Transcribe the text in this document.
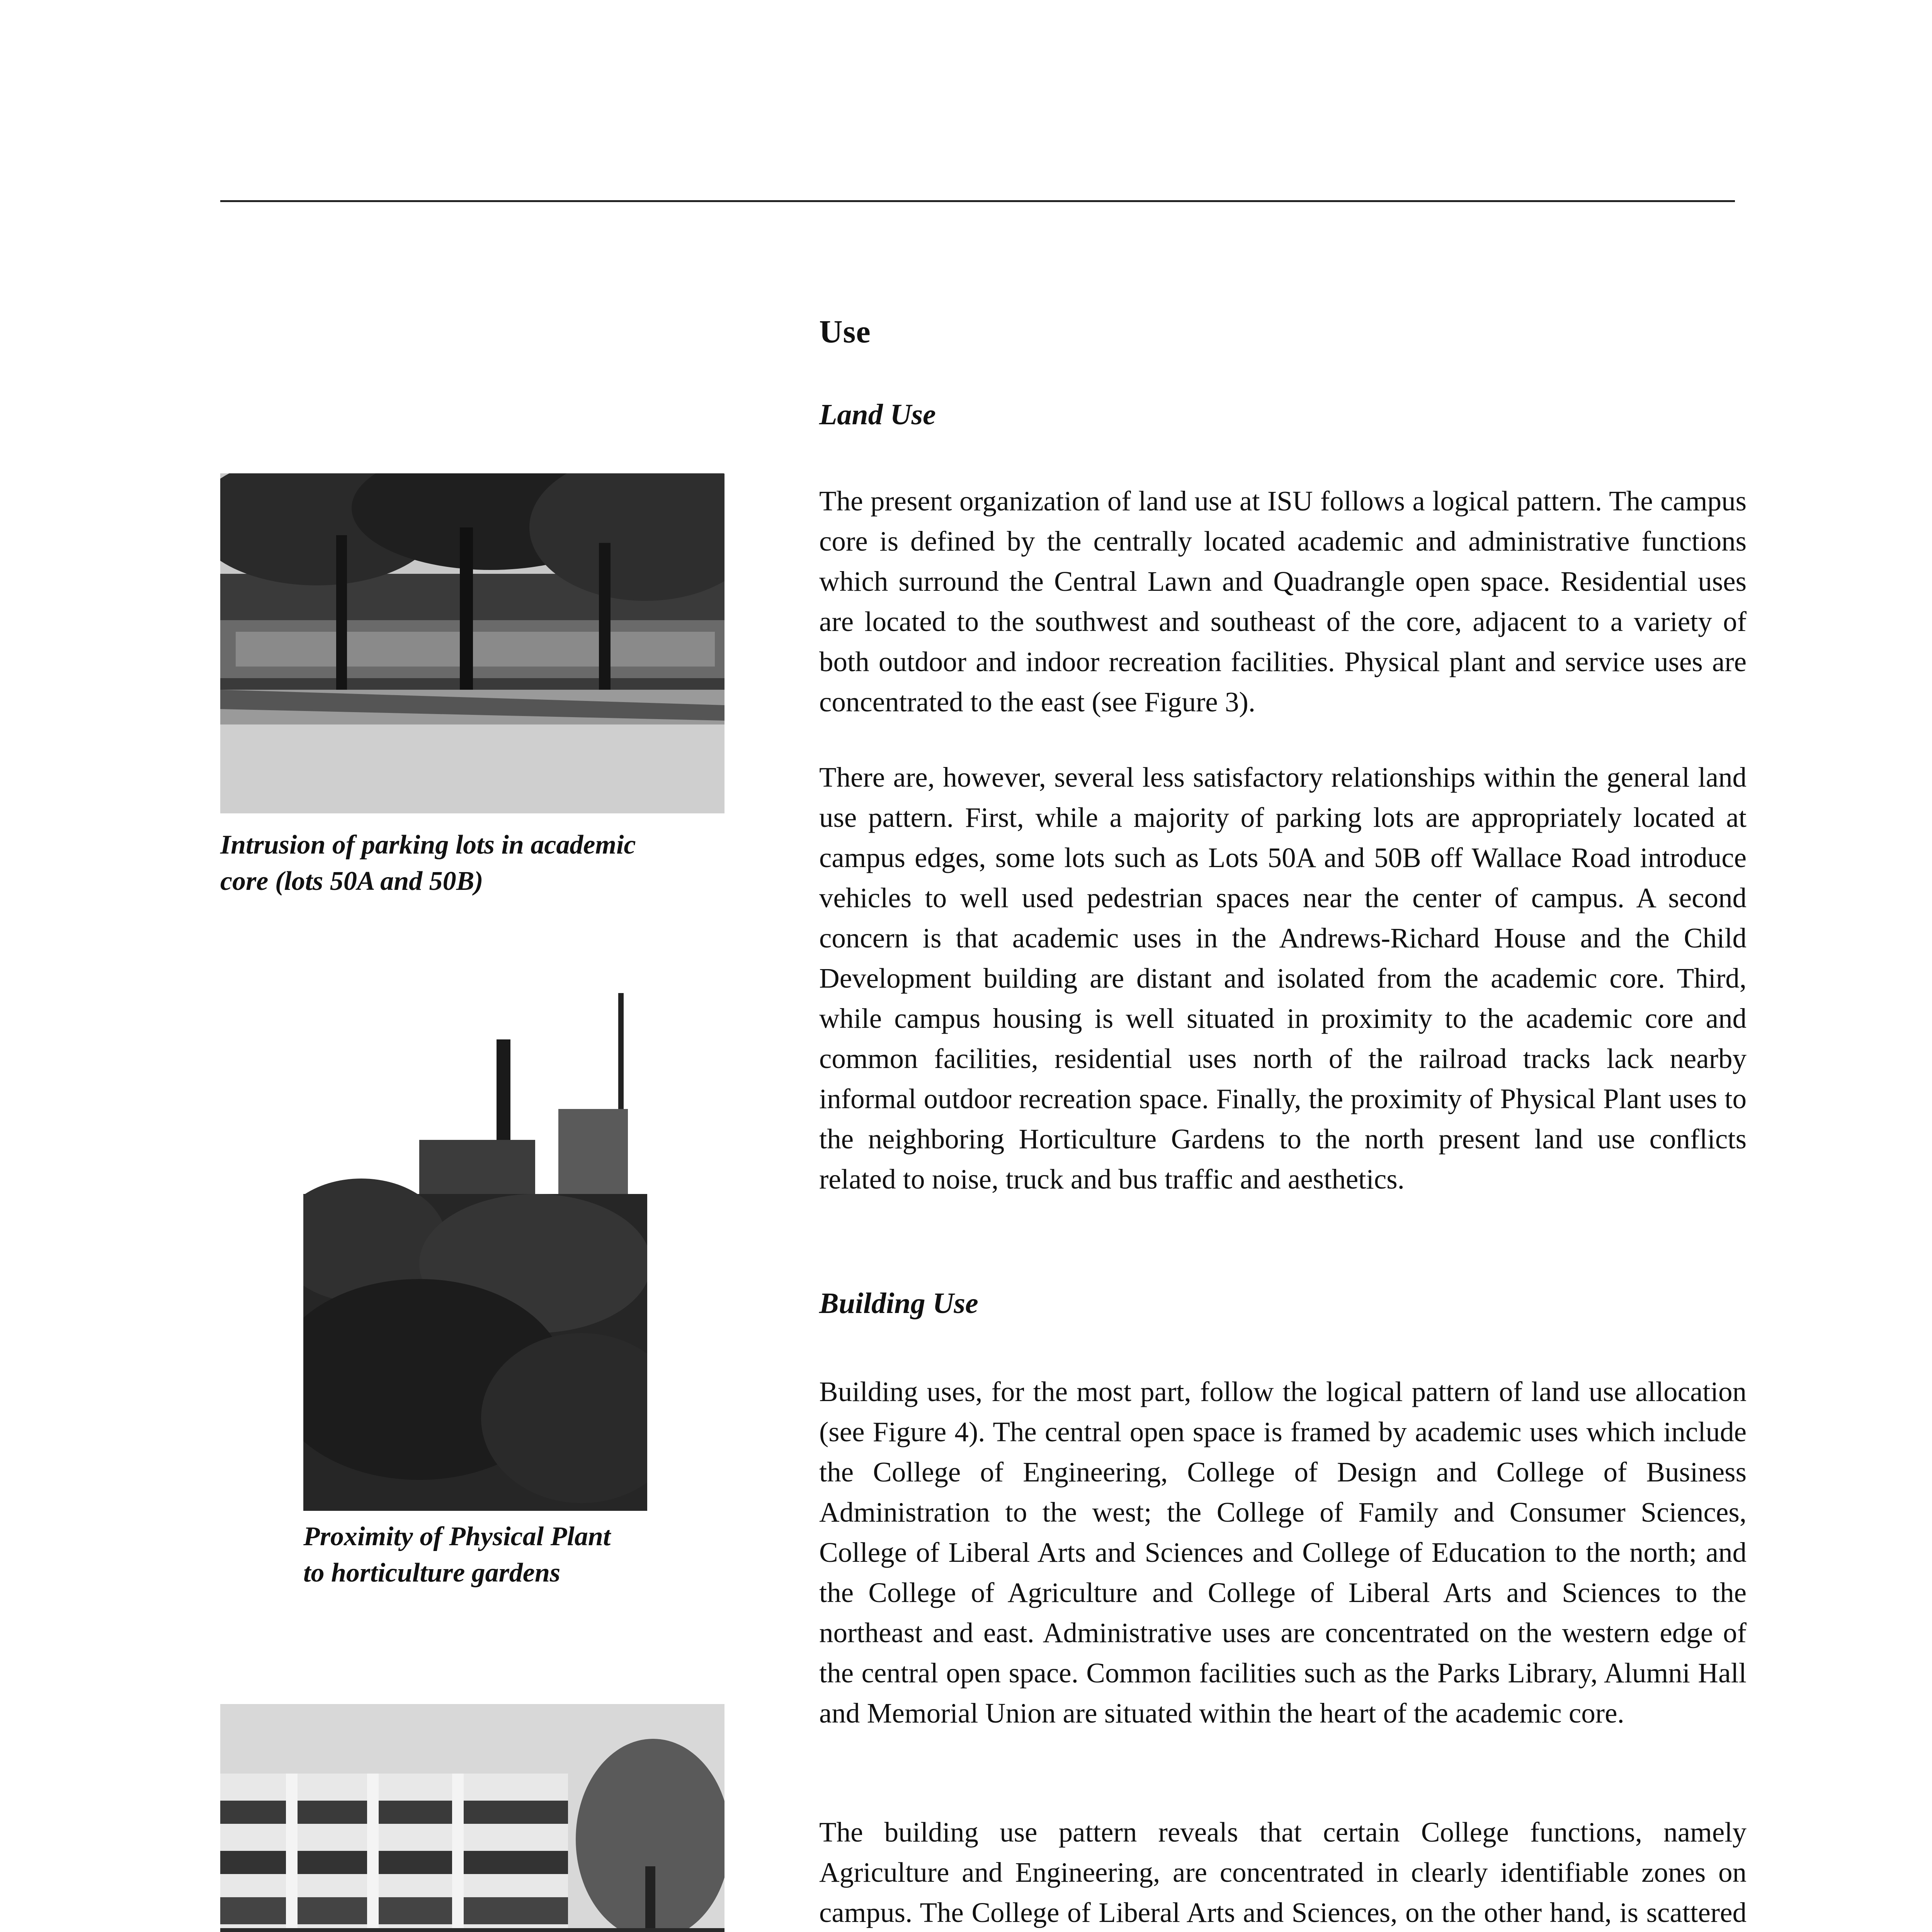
Use
Land Use

The present organization of land use at ISU follows a logical pattern. The campus core is defined by the centrally located academic and administrative functions which surround the Central Lawn and Quadrangle open space. Residential uses are located to the southwest and southeast of the core, adjacent to a variety of both outdoor and indoor recreation facilities. Physical plant and service uses are concentrated to the east (see Figure 3).

There are, however, several less satisfactory relationships within the general land use pattern. First, while a majority of parking lots are appropriately located at campus edges, some lots such as Lots 50A and 50B off Wallace Road introduce vehicles to well used pedestrian spaces near the center of campus. A second concern is that academic uses in the Andrews-Richard House and the Child Development building are distant and isolated from the academic core. Third, while campus housing is well situated in proximity to the academic core and common facilities, residential uses north of the railroad tracks lack nearby informal outdoor recreation space. Finally, the proximity of Physical Plant uses to the neighboring Horticulture Gardens to the north present land use conflicts related to noise, truck and bus traffic and aesthetics.

Building Use

Building uses, for the most part, follow the logical pattern of land use allocation (see Figure 4). The central open space is framed by academic uses which include the College of Engineering, College of Design and College of Business Administration to the west; the College of Family and Consumer Sciences, College of Liberal Arts and Sciences and College of Education to the north; and the College of Agriculture and College of Liberal Arts and Sciences to the northeast and east. Administrative uses are concentrated on the western edge of the central open space. Common facilities such as the Parks Library, Alumni Hall and Memorial Union are situated within the heart of the academic core.

The building use pattern reveals that certain College functions, namely Agriculture and Engineering, are concentrated in clearly identifiable zones on campus. The College of Liberal Arts and Sciences, on the other hand, is scattered

Intrusion of parking lots in academic
core (lots 50A and 50B)
Proximity of Physical Plant
to horticulture gardens
